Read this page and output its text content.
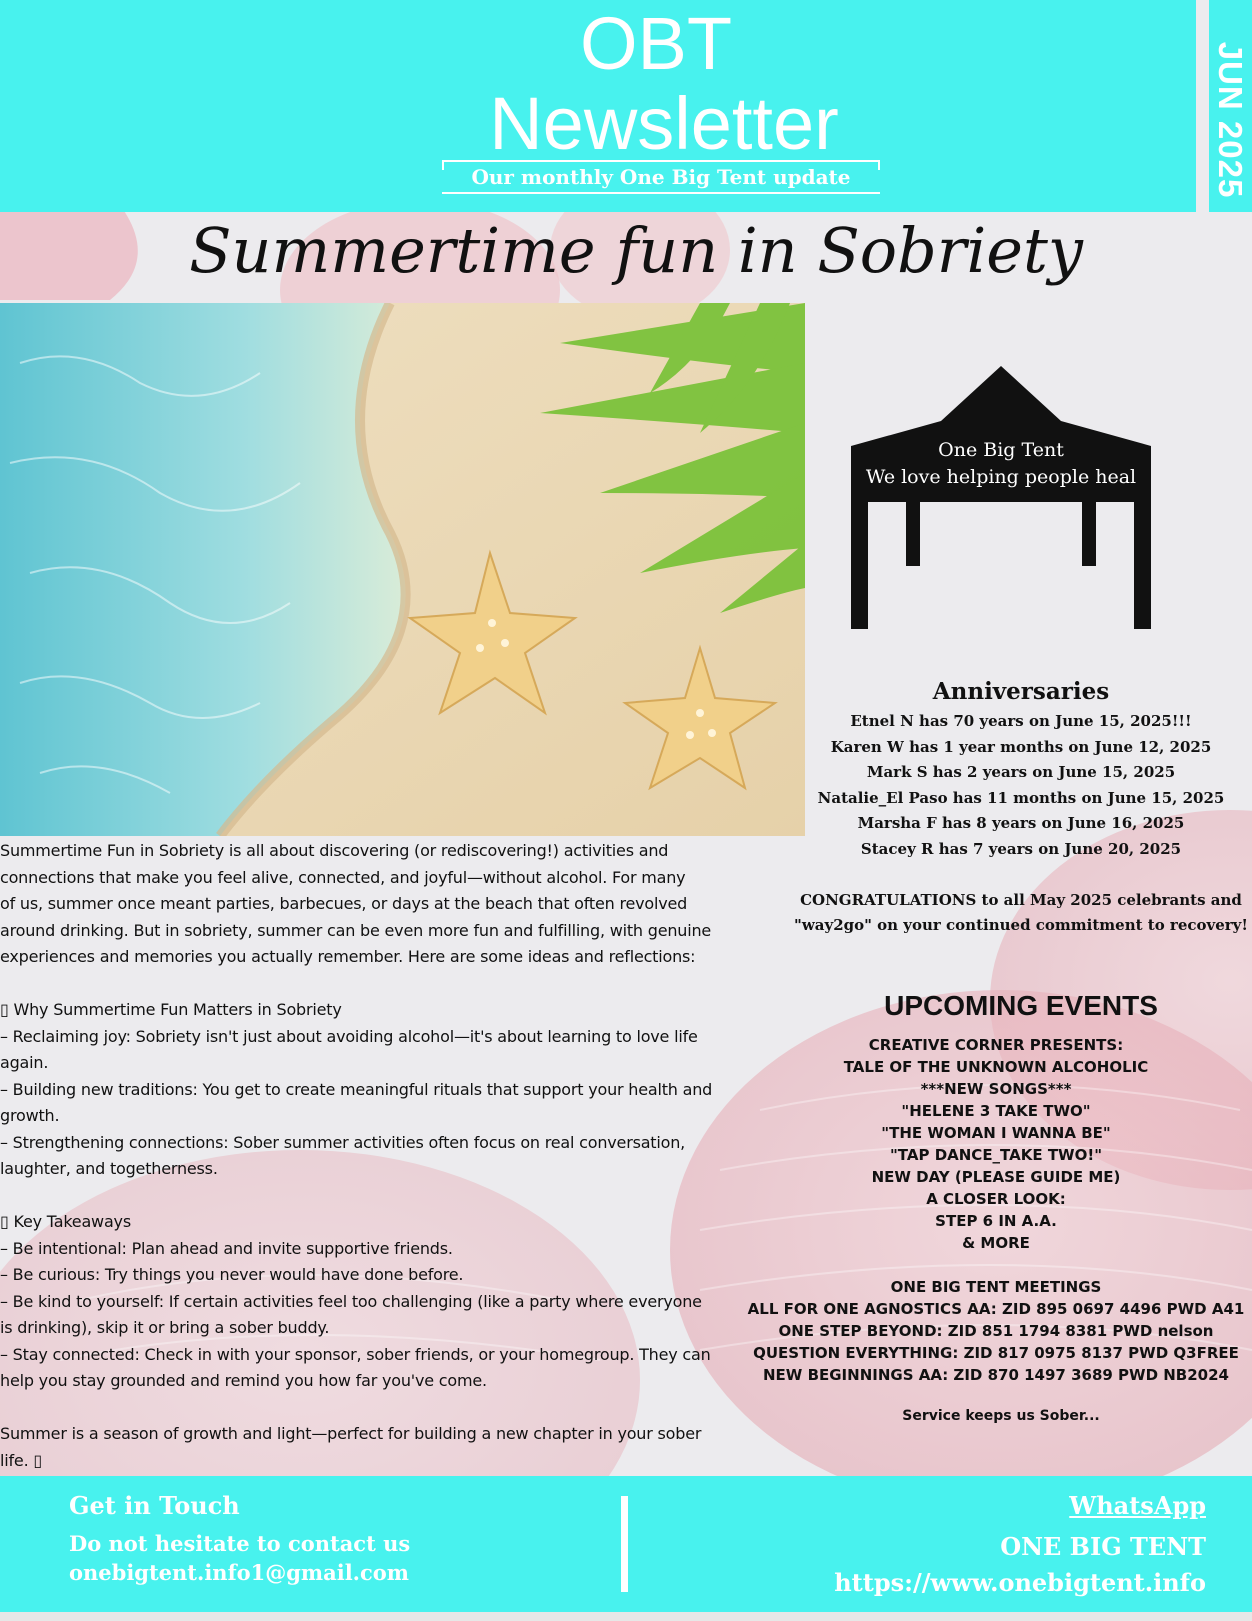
OBT
Newsletter
Our monthly One Big Tent update	JUN 2025
Summertime fun in Sobriety
One Big Tent
We love helping people heal

Summertime Fun in Sobriety is all about discovering (or rediscovering!) activities and
connections that make you feel alive, connected, and joyful—without alcohol. For many
of us, summer once meant parties, barbecues, or days at the beach that often revolved
around drinking. But in sobriety, summer can be even more fun and fulfilling, with genuine
experiences and memories you actually remember. Here are some ideas and reflections:

▯ Why Summertime Fun Matters in Sobriety
– Reclaiming joy: Sobriety isn't just about avoiding alcohol—it's about learning to love life
again.
– Building new traditions: You get to create meaningful rituals that support your health and
growth.
– Strengthening connections: Sober summer activities often focus on real conversation,
laughter, and togetherness.

▯ Key Takeaways
– Be intentional: Plan ahead and invite supportive friends.
– Be curious: Try things you never would have done before.
– Be kind to yourself: If certain activities feel too challenging (like a party where everyone
is drinking), skip it or bring a sober buddy.
– Stay connected: Check in with your sponsor, sober friends, or your homegroup. They can
help you stay grounded and remind you how far you've come.

Summer is a season of growth and light—perfect for building a new chapter in your sober
life. ▯

Anniversaries
Etnel N has 70 years on June 15, 2025!!!
Karen W has 1 year months on June 12, 2025
Mark S has 2 years on June 15, 2025
Natalie_El Paso has 11 months on June 15, 2025
Marsha F has 8 years on June 16, 2025
Stacey R has 7 years on June 20, 2025
CONGRATULATIONS to all May 2025 celebrants and
"way2go" on your continued commitment to recovery!
UPCOMING EVENTS
CREATIVE CORNER PRESENTS:
TALE OF THE UNKNOWN ALCOHOLIC
***NEW SONGS***
"HELENE 3 TAKE TWO"
"THE WOMAN I WANNA BE"
"TAP DANCE_TAKE TWO!"
NEW DAY (PLEASE GUIDE ME)
A CLOSER LOOK:
STEP 6 IN A.A.
& MORE
ONE BIG TENT MEETINGS
ALL FOR ONE AGNOSTICS AA: ZID 895 0697 4496 PWD A41
ONE STEP BEYOND: ZID 851 1794 8381 PWD nelson
QUESTION EVERYTHING: ZID 817 0975 8137 PWD Q3FREE
NEW BEGINNINGS AA: ZID 870 1497 3689 PWD NB2024
Service keeps us Sober...
Get in Touch
Do not hesitate to contact us
onebigtent.info1@gmail.com
WhatsApp
ONE BIG TENT
https://www.onebigtent.info
